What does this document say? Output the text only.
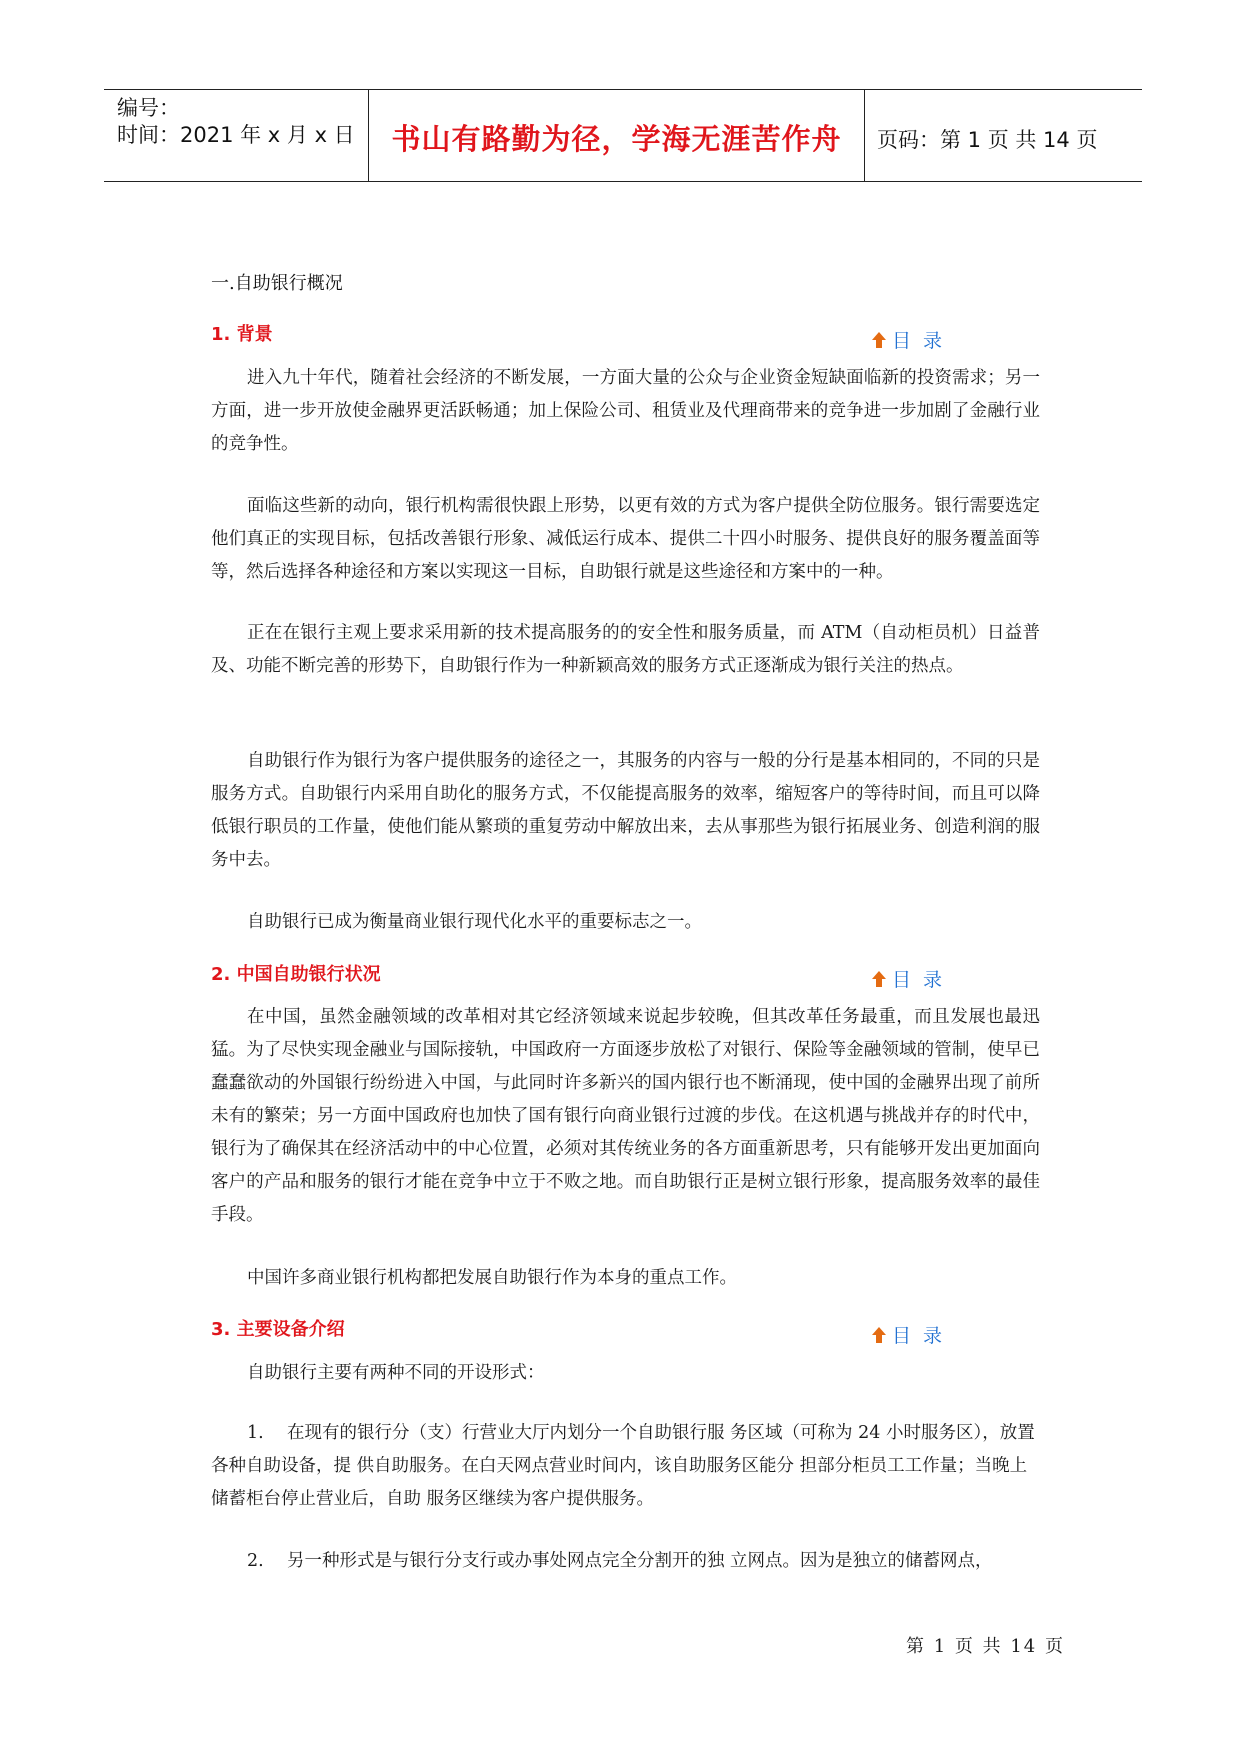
编号：
时间：2021 年 x 月 x 日	书山有路勤为径，学海无涯苦作舟	页码：第 1 页 共 14 页
一.自助银行概况
1. 背景	目 录

进入九十年代，随着社会经济的不断发展，一方面大量的公众与企业资金短缺面临新的投资需求；另一方面，进一步开放使金融界更活跃畅通；加上保险公司、租赁业及代理商带来的竞争进一步加剧了金融行业的竞争性。

面临这些新的动向，银行机构需很快跟上形势，以更有效的方式为客户提供全防位服务。银行需要选定他们真正的实现目标，包括改善银行形象、减低运行成本、提供二十四小时服务、提供良好的服务覆盖面等等，然后选择各种途径和方案以实现这一目标，自助银行就是这些途径和方案中的一种。

正在在银行主观上要求采用新的技术提高服务的的安全性和服务质量，而 ATM（自动柜员机）日益普及、功能不断完善的形势下，自助银行作为一种新颖高效的服务方式正逐渐成为银行关注的热点。

自助银行作为银行为客户提供服务的途径之一，其服务的内容与一般的分行是基本相同的，不同的只是服务方式。自助银行内采用自助化的服务方式，不仅能提高服务的效率，缩短客户的等待时间，而且可以降低银行职员的工作量，使他们能从繁琐的重复劳动中解放出来，去从事那些为银行拓展业务、创造利润的服务中去。

自助银行已成为衡量商业银行现代化水平的重要标志之一。

2. 中国自助银行状况	目 录

在中国，虽然金融领域的改革相对其它经济领域来说起步较晚，但其改革任务最重，而且发展也最迅猛。为了尽快实现金融业与国际接轨，中国政府一方面逐步放松了对银行、保险等金融领域的管制，使早已蠢蠢欲动的外国银行纷纷进入中国，与此同时许多新兴的国内银行也不断涌现，使中国的金融界出现了前所未有的繁荣；另一方面中国政府也加快了国有银行向商业银行过渡的步伐。在这机遇与挑战并存的时代中，银行为了确保其在经济活动中的中心位置，必须对其传统业务的各方面重新思考，只有能够开发出更加面向客户的产品和服务的银行才能在竞争中立于不败之地。而自助银行正是树立银行形象，提高服务效率的最佳手段。

中国许多商业银行机构都把发展自助银行作为本身的重点工作。

3. 主要设备介绍	目 录

自助银行主要有两种不同的开设形式：

1. 在现有的银行分（支）行营业大厅内划分一个自助银行服 务区域（可称为 24 小时服务区），放置各种自助设备，提 供自助服务。在白天网点营业时间内，该自助服务区能分 担部分柜员工工作量；当晚上储蓄柜台停止营业后，自助 服务区继续为客户提供服务。

2. 另一种形式是与银行分支行或办事处网点完全分割开的独 立网点。因为是独立的储蓄网点，

第 1 页 共 14 页
